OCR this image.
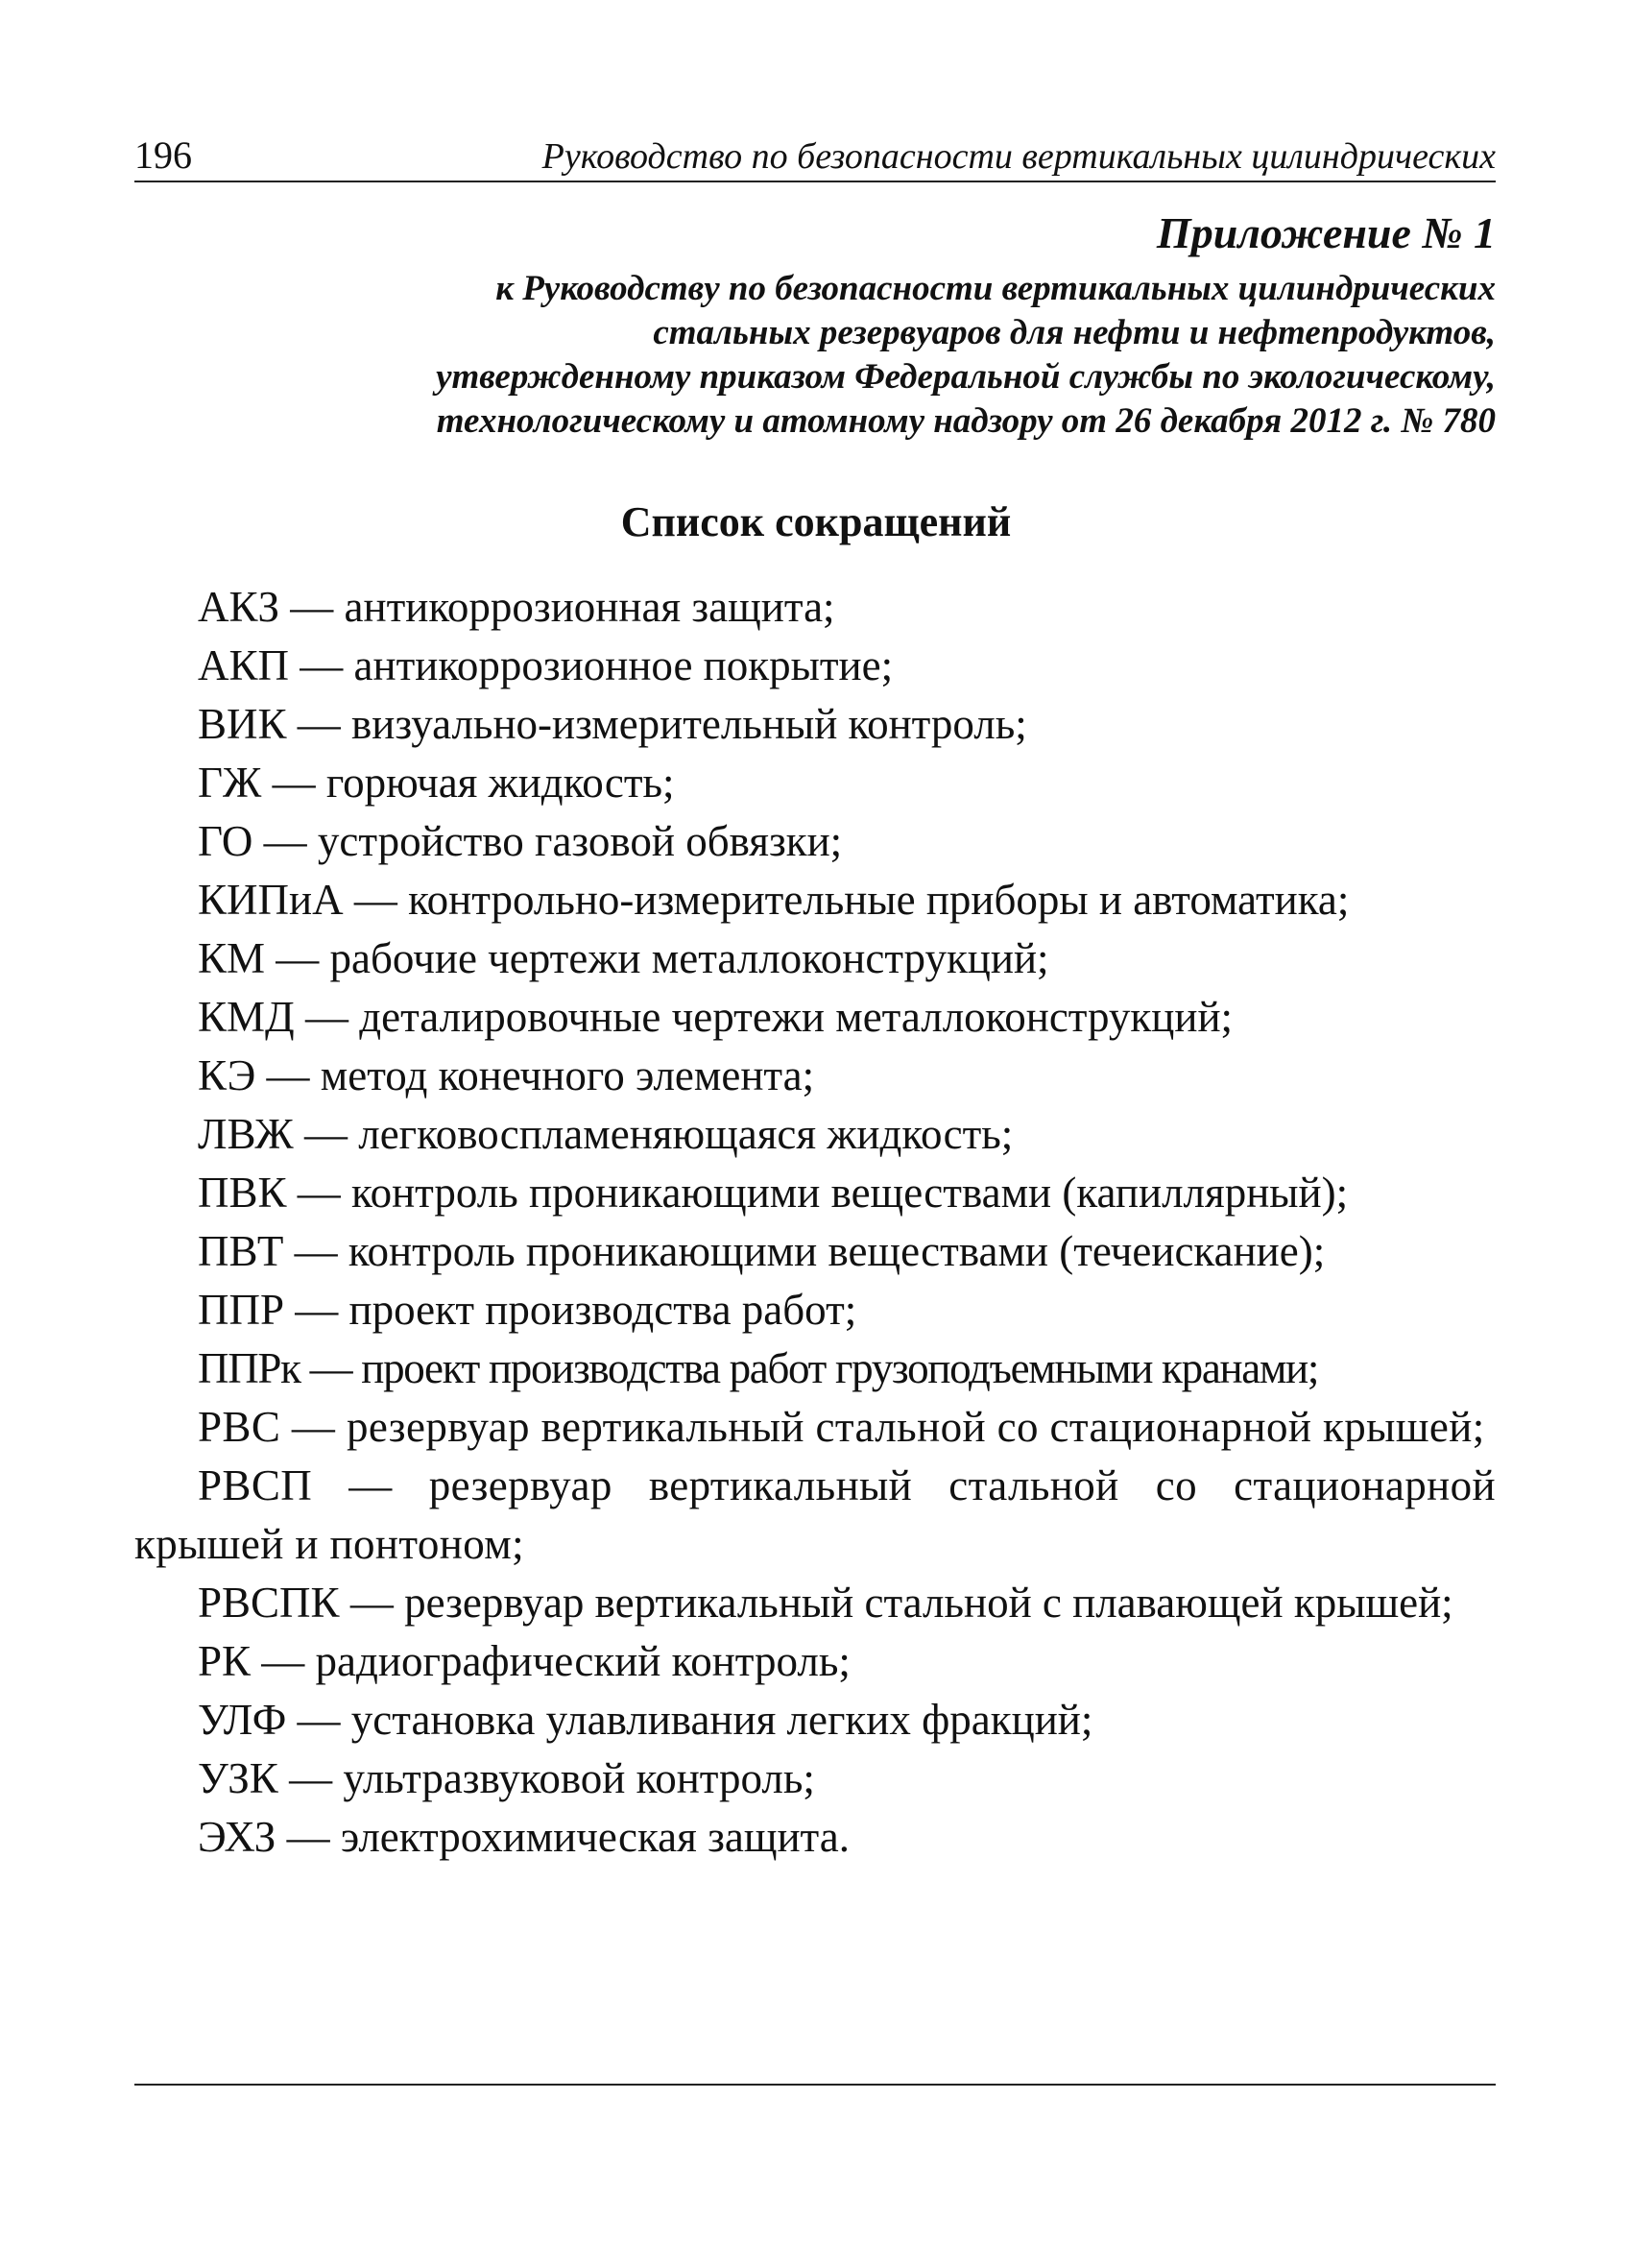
196	Руководство по безопасности вертикальных цилиндрических

Приложение № 1

к Руководству по безопасности вертикальных цилиндрических

стальных резервуаров для нефти и нефтепродуктов,

утвержденному приказом Федеральной службы по экологическому,

технологическому и атомному надзору от 26 декабря 2012 г. № 780

Список сокращений
АКЗ — антикоррозионная защита;
АКП — антикоррозионное покрытие;
ВИК — визуально-измерительный контроль;
ГЖ — горючая жидкость;
ГО — устройство газовой обвязки;
КИПиА — контрольно-измерительные приборы и автоматика;
КМ — рабочие чертежи металлоконструкций;
КМД — деталировочные чертежи металлоконструкций;
КЭ — метод конечного элемента;
ЛВЖ — легковоспламеняющаяся жидкость;
ПВК — контроль проникающими веществами (капиллярный);
ПВТ — контроль проникающими веществами (течеискание);
ППР — проект производства работ;
ППРк — проект производства работ грузоподъемными кранами;
РВС — резервуар вертикальный стальной со стационарной крышей;
РВСП — резервуар вертикальный стальной со стационарной крышей и понтоном;
РВСПК — резервуар вертикальный стальной с плавающей крышей;
РК — радиографический контроль;
УЛФ — установка улавливания легких фракций;
УЗК — ультразвуковой контроль;
ЭХЗ — электрохимическая защита.
